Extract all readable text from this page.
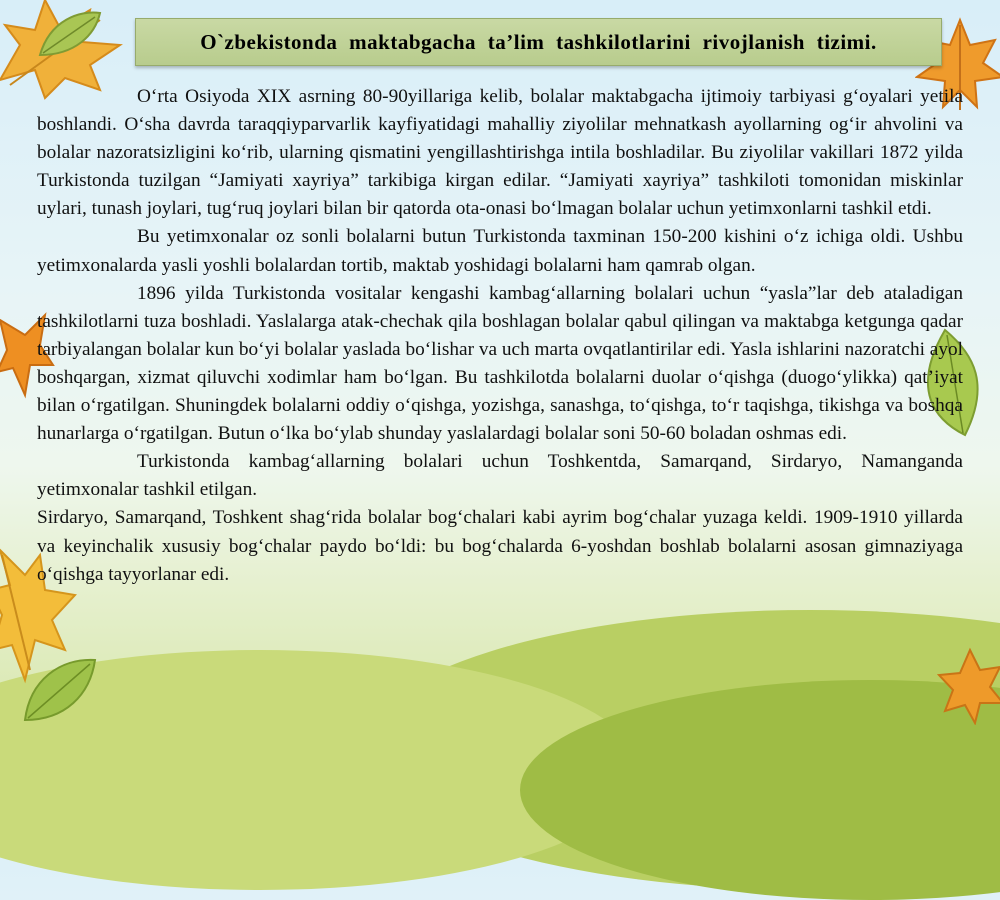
O`zbekistonda maktabgacha ta’lim tashkilotlarini rivojlanish tizimi.

O‘rta Osiyoda XIX asrning 80-90yillariga kelib, bolalar maktabgacha ijtimoiy tarbiyasi g‘oyalari yetila boshlandi. O‘sha davrda taraqqiyparvarlik kayfiyatidagi mahalliy ziyolilar mehnatkash ayollarning og‘ir ahvolini va bolalar nazoratsizligini ko‘rib, ularning qismatini yengillashtirishga intila boshladilar. Bu ziyolilar vakillari 1872 yilda Turkistonda tuzilgan “Jamiyati xayriya” tarkibiga kirgan edilar. “Jamiyati xayriya” tashkiloti tomonidan miskinlar uylari, tunash joylari, tug‘ruq joylari bilan bir qatorda ota-onasi bo‘lmagan bolalar uchun yetimxonlarni tashkil etdi.

Bu yetimxonalar oz sonli bolalarni butun Turkistonda taxminan 150-200 kishini o‘z ichiga oldi. Ushbu yetimxonalarda yasli yoshli bolalardan tortib, maktab yoshidagi bolalarni ham qamrab olgan.

1896 yilda Turkistonda vositalar kengashi kambag‘allarning bolalari uchun “yasla”lar deb ataladigan tashkilotlarni tuza boshladi. Yaslalarga atak-chechak qila boshlagan bolalar qabul qilingan va maktabga ketgunga qadar tarbiyalangan bolalar kun bo‘yi bolalar yaslada bo‘lishar va uch marta ovqatlantirilar edi. Yasla ishlarini nazoratchi ayol boshqargan, xizmat qiluvchi xodimlar ham bo‘lgan. Bu tashkilotda bolalarni duolar o‘qishga (duogo‘ylikka) qat’iyat bilan o‘rgatilgan. Shuningdek bolalarni oddiy o‘qishga, yozishga, sanashga, to‘qishga, to‘r taqishga, tikishga va boshqa hunarlarga o‘rgatilgan. Butun o‘lka bo‘ylab shunday yaslalardagi bolalar soni 50-60 boladan oshmas edi.

Turkistonda kambag‘allarning bolalari uchun Toshkentda, Samarqand, Sirdaryo, Namanganda yetimxonalar tashkil etilgan.

Sirdaryo, Samarqand, Toshkent shag‘rida bolalar bog‘chalari kabi ayrim bog‘chalar yuzaga keldi. 1909-1910 yillarda va keyinchalik xususiy bog‘chalar paydo bo‘ldi: bu bog‘chalarda 6-yoshdan boshlab bolalarni asosan gimnaziyaga o‘qishga tayyorlanar edi.
